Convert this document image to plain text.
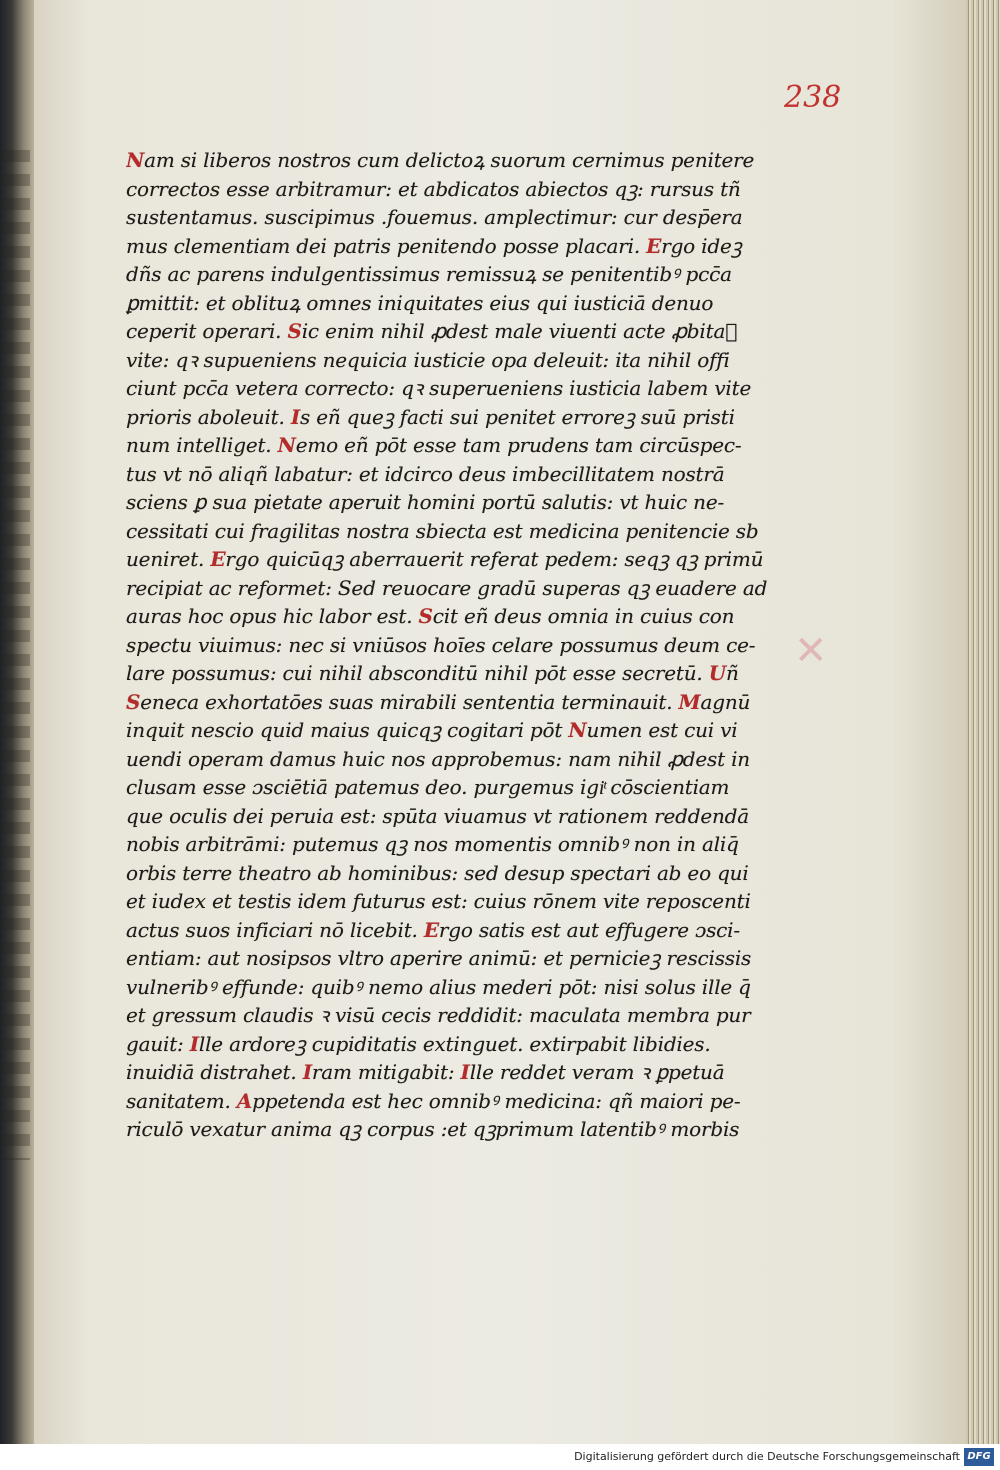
238
Nam si liberos nostros cum delictoꝝ suorum cernimus penitere
correctos esse arbitramur: et abdicatos abiectos qꝫ: rursus tñ
sustentamus. suscipimus .fouemus. amplectimur: cur desp̄era
mus clementiam dei patris penitendo posse placari. Ergo ideꝫ
dñs ac parens indulgentissimus remissuꝝ se penitentibꝰ pcc̄a
ꝑmittit: et oblituꝝ omnes iniquitates eius qui iusticiā denuo
ceperit operari. Sic enim nihil ꝓdest male viuenti acte ꝓbitaᷣ
vite: qꝛ supueniens nequicia iusticie opa deleuit: ita nihil offi
ciunt pcc̄a vetera correcto: qꝛ superueniens iusticia labem vite
prioris aboleuit. Is eñ queꝫ facti sui penitet erroreꝫ suū pristi
num intelliget. Nemo eñ pōt esse tam prudens tam circūspec-
tus vt nō aliqñ labatur: et idcirco deus imbecillitatem nostrā
sciens ꝑ sua pietate aperuit homini portū salutis: vt huic ne-
cessitati cui fragilitas nostra sbiecta est medicina penitencie sb
ueniret. Ergo quicūqꝫ aberrauerit referat pedem: seqꝫ qꝫ primū
recipiat ac reformet: Sed reuocare gradū superas qꝫ euadere ad
auras hoc opus hic labor est. Scit eñ deus omnia in cuius con
spectu viuimus: nec si vniūsos hoīes celare possumus deum ce-
lare possumus: cui nihil absconditū nihil pōt esse secretū. Uñ
Seneca exhortatōes suas mirabili sententia terminauit. Magnū
inquit nescio quid maius quicqꝫ cogitari pōt Numen est cui vi
uendi operam damus huic nos approbemus: nam nihil ꝓdest in
clusam esse ɔsciētiā patemus deo. purgemus igiͭ cōscientiam
que oculis dei peruia est: spūta viuamus vt rationem reddendā
nobis arbitrāmi: putemus qꝫ nos momentis omnibꝰ non in aliq̄
orbis terre theatro ab hominibus: sed desup spectari ab eo qui
et iudex et testis idem futurus est: cuius rōnem vite reposcenti
actus suos inficiari nō licebit. Ergo satis est aut effugere ɔsci-
entiam: aut nosipsos vltro aperire animū: et pernicieꝫ rescissis
vulneribꝰ effunde: quibꝰ nemo alius mederi pōt: nisi solus ille q̄
et gressum claudis ꝛ visū cecis reddidit: maculata membra pur
gauit: Ille ardoreꝫ cupiditatis extinguet. extirpabit libidies.
inuidiā distrahet. Iram mitigabit: Ille reddet veram ꝛ ꝑpetuā
sanitatem. Appetenda est hec omnibꝰ medicina: qñ maiori pe-
riculō vexatur anima qꝫ corpus :et qꝫprimum latentibꝰ morbis
✕
Digitalisierung gefördert durch die Deutsche Forschungsgemeinschaft DFG
